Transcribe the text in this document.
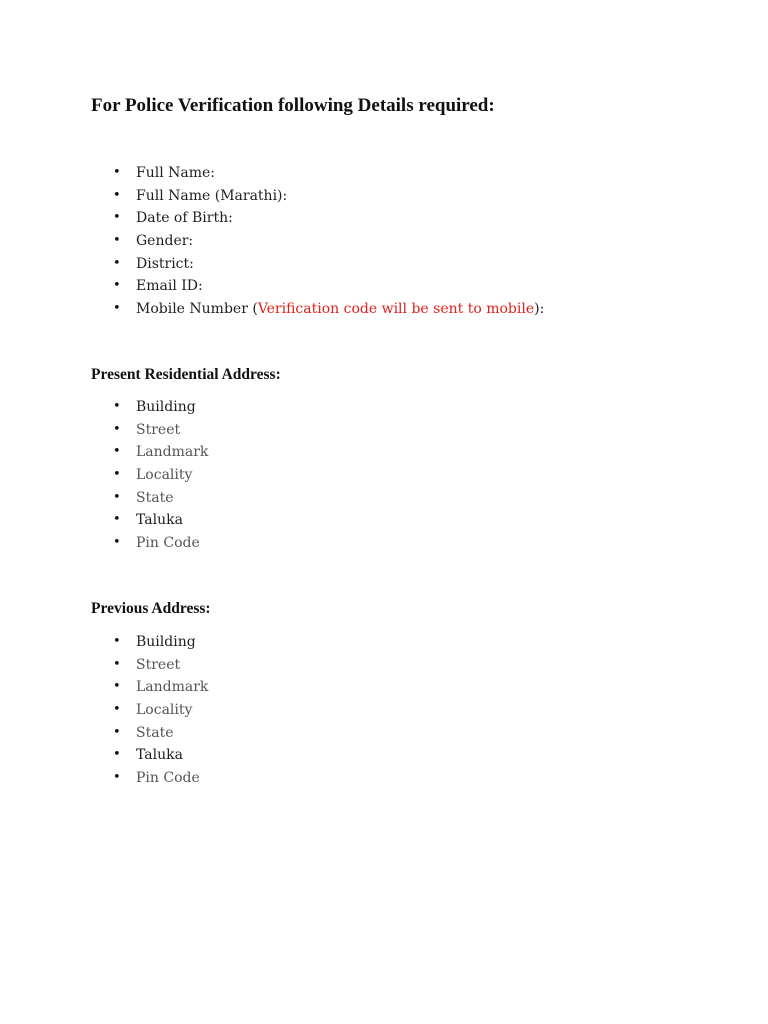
For Police Verification following Details required:
• Full Name:
• Full Name (Marathi):
• Date of Birth:
• Gender:
• District:
• Email ID:
• Mobile Number (Verification code will be sent to mobile):
Present Residential Address:
• Building
• Street
• Landmark
• Locality
• State
• Taluka
• Pin Code
Previous Address:
• Building
• Street
• Landmark
• Locality
• State
• Taluka
• Pin Code
